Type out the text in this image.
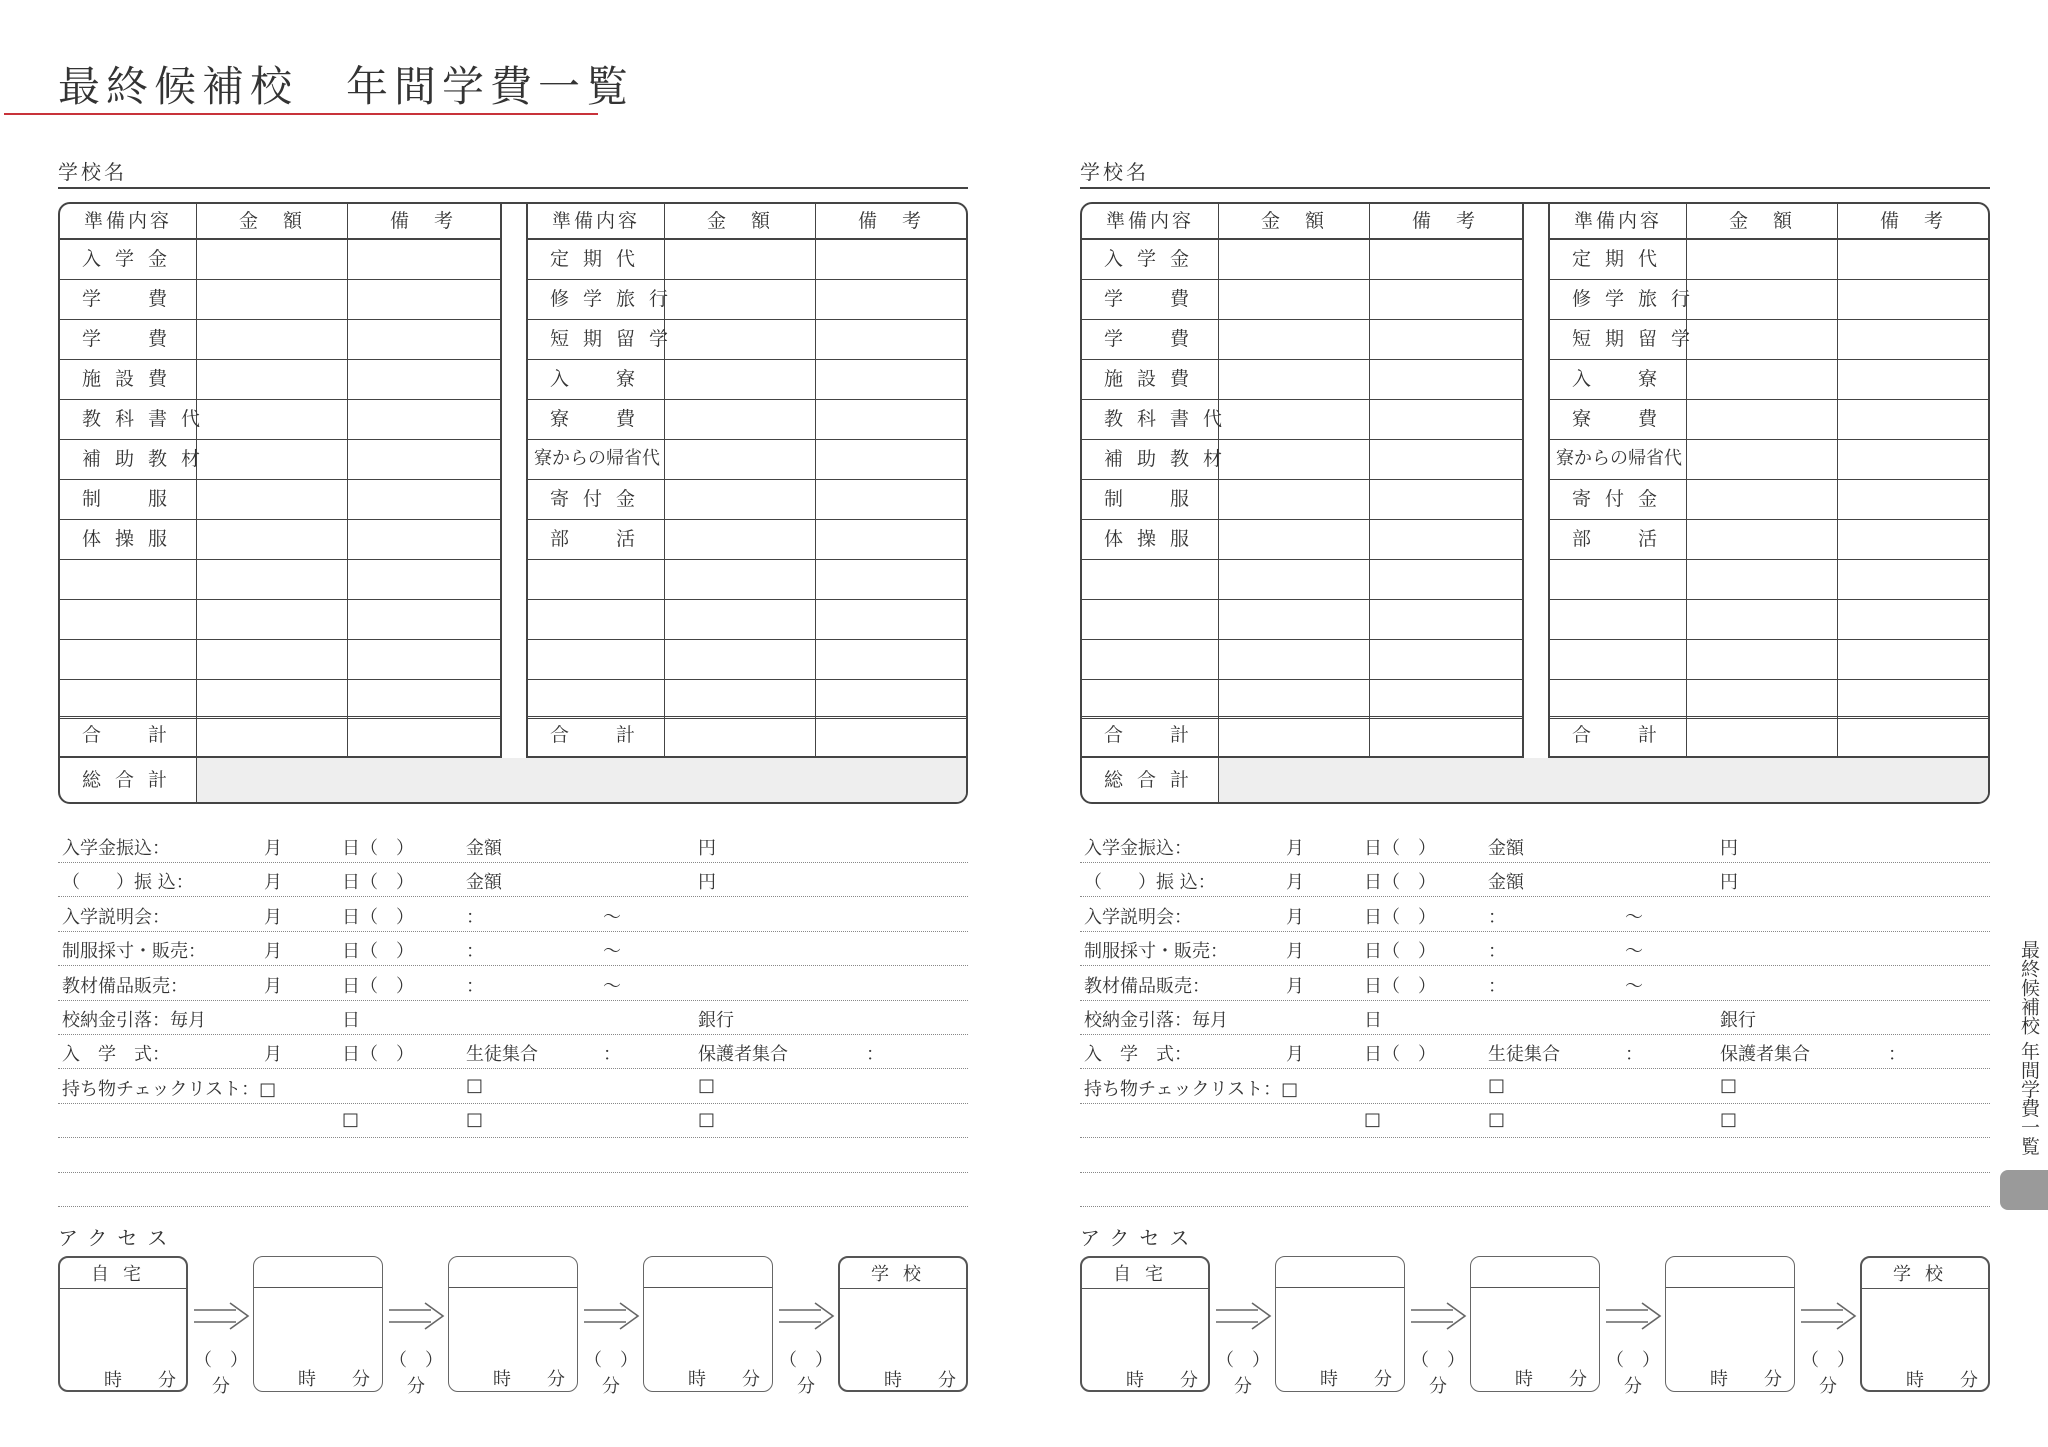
最終候補校　年間学費一覧
学校名
準備内容	金　額	備　考
入学金
学　費
学　費
施設費
教科書代
補助教材
制　服
体操服
合　計
準備内容	金　額	備　考
定期代
修学旅行
短期留学
入　寮
寮　費
寮からの帰省代
寄付金
部　活
合　計
総合計
入学金振込：	月	日（　）	金額	円
（　　）振 込：	月	日（　）	金額	円
入学説明会：	月	日（　）	：	～
制服採寸・販売：	月	日（　）	：	～
教材備品販売：	月	日（　）	：	～
校納金引落：毎月	日	銀行
入　学　式：	月	日（　）	生徒集合	：	保護者集合	：
持ち物チェックリスト：□	□	□
□	□	□
アクセス
自宅
時 分
（　）
分	時 分
（　）
分	時 分
（　）
分	時 分
（　）
分
学校
時 分
学校名
準備内容	金　額	備　考
入学金
学　費
学　費
施設費
教科書代
補助教材
制　服
体操服
合　計
準備内容	金　額	備　考
定期代
修学旅行
短期留学
入　寮
寮　費
寮からの帰省代
寄付金
部　活
合　計
総合計
入学金振込：	月	日（　）	金額	円
（　　）振 込：	月	日（　）	金額	円
入学説明会：	月	日（　）	：	～
制服採寸・販売：	月	日（　）	：	～
教材備品販売：	月	日（　）	：	～
校納金引落：毎月	日	銀行
入　学　式：	月	日（　）	生徒集合	：	保護者集合	：
持ち物チェックリスト：□	□	□
□	□	□
アクセス
自宅
時 分
（　）
分	時 分
（　）
分	時 分
（　）
分	時 分
（　）
分
学校
時 分
最終候補校 年間学費一覧
